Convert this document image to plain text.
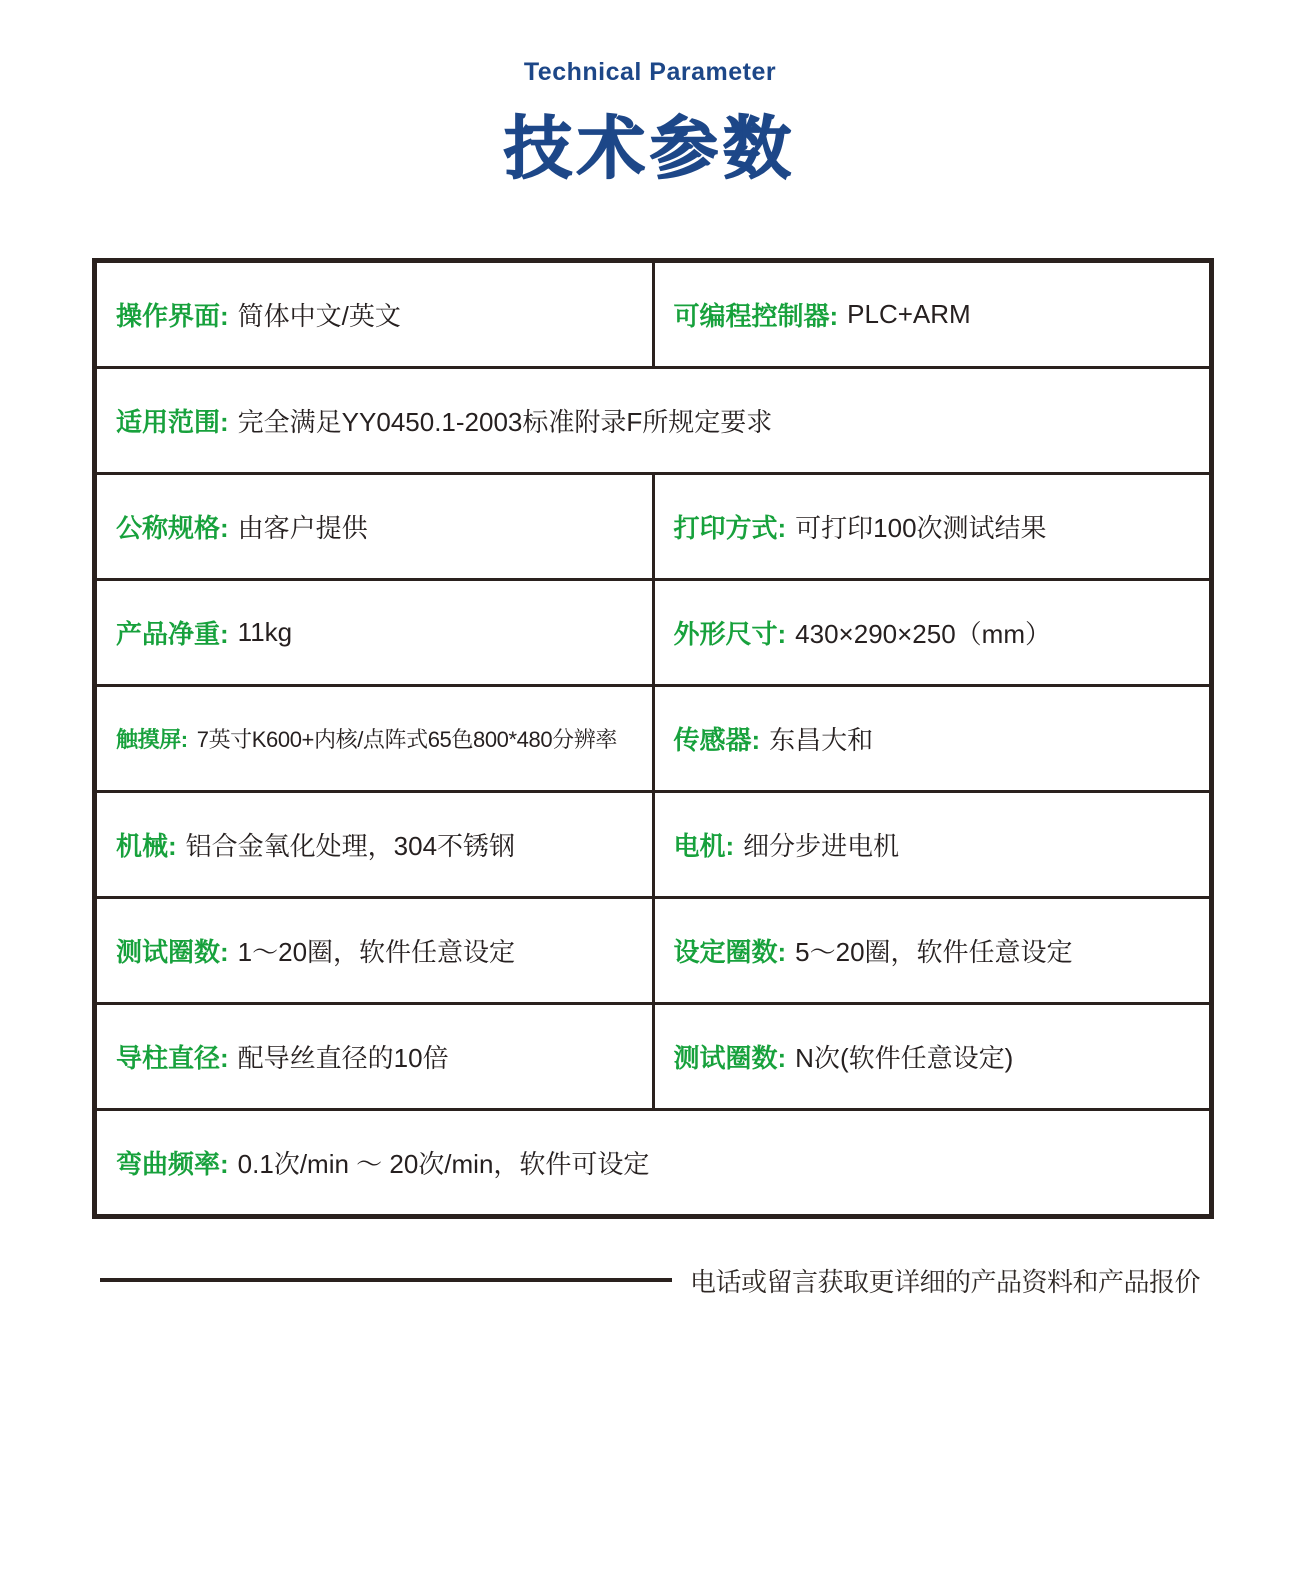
Technical Parameter
技术参数
操作界面: 简体中文/英文	可编程控制器: PLC+ARM
适用范围: 完全满足YY0450.1-2003标准附录F所规定要求
公称规格: 由客户提供	打印方式: 可打印100次测试结果
产品净重: 11kg	外形尺寸: 430×290×250（mm）
触摸屏: 7英寸K600+内核/点阵式65色800*480分辨率 传感器: 东昌大和
机械: 铝合金氧化处理，304不锈钢	电机: 细分步进电机
测试圈数: 1～20圈，软件任意设定	设定圈数: 5～20圈，软件任意设定
导柱直径: 配导丝直径的10倍	测试圈数: N次(软件任意设定)
弯曲频率: 0.1次/min ～ 20次/min，软件可设定
电话或留言获取更详细的产品资料和产品报价
